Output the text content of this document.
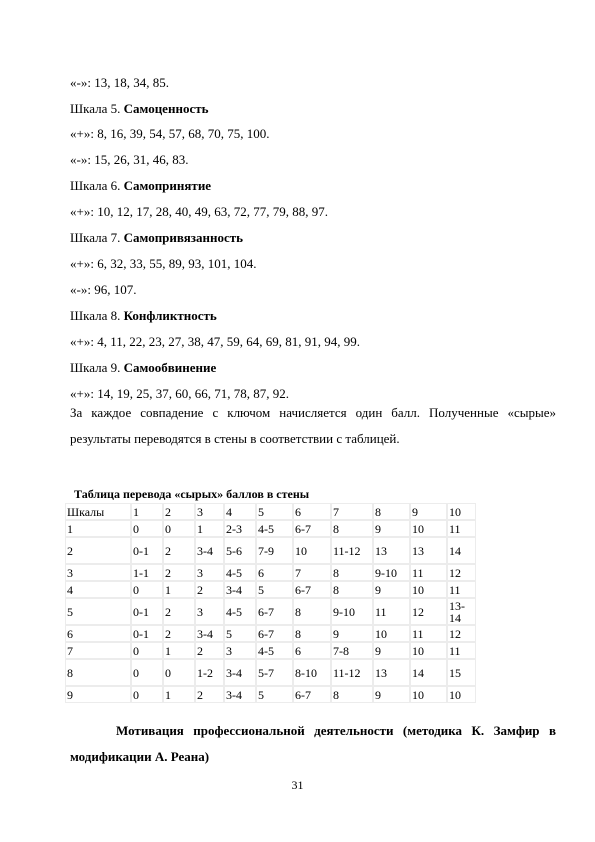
«-»: 13, 18, 34, 85.
Шкала 5. Самоценность
«+»: 8, 16, 39, 54, 57, 68, 70, 75, 100.
«-»: 15, 26, 31, 46, 83.
Шкала 6. Самопринятие
«+»: 10, 12, 17, 28, 40, 49, 63, 72, 77, 79, 88, 97.
Шкала 7. Самопривязанность
«+»: 6, 32, 33, 55, 89, 93, 101, 104.
«-»: 96, 107.
Шкала 8. Конфликтность
«+»: 4, 11, 22, 23, 27, 38, 47, 59, 64, 69, 81, 91, 94, 99.
Шкала 9. Самообвинение
«+»: 14, 19, 25, 37, 60, 66, 71, 78, 87, 92.
За каждое совпадение с ключом начисляется один балл. Полученные «сырые»
результаты переводятся в стены в соответствии с таблицей.
Таблица перевода «сырых» баллов в стены
Шкалы	1	2	3	4	5	6	7	8	9	10
1	0	0	1	2-3	4-5	6-7	8	9	10	11
2	0-1	2	3-4	5-6	7-9	10	11-12	13	13	14
3	1-1	2	3	4-5	6	7	8	9-10	11	12
4	0	1	2	3-4	5	6-7	8	9	10	11
5	0-1	2	3	4-5	6-7	8	9-10	11	12	13-
14
6	0-1	2	3-4	5	6-7	8	9	10	11	12
7	0	1	2	3	4-5	6	7-8	9	10	11
8	0	0	1-2	3-4	5-7	8-10	11-12	13	14	15
9	0	1	2	3-4	5	6-7	8	9	10	10
Мотивация профессиональной деятельности (методика К. Замфир в
модификации А. Реана)
31
